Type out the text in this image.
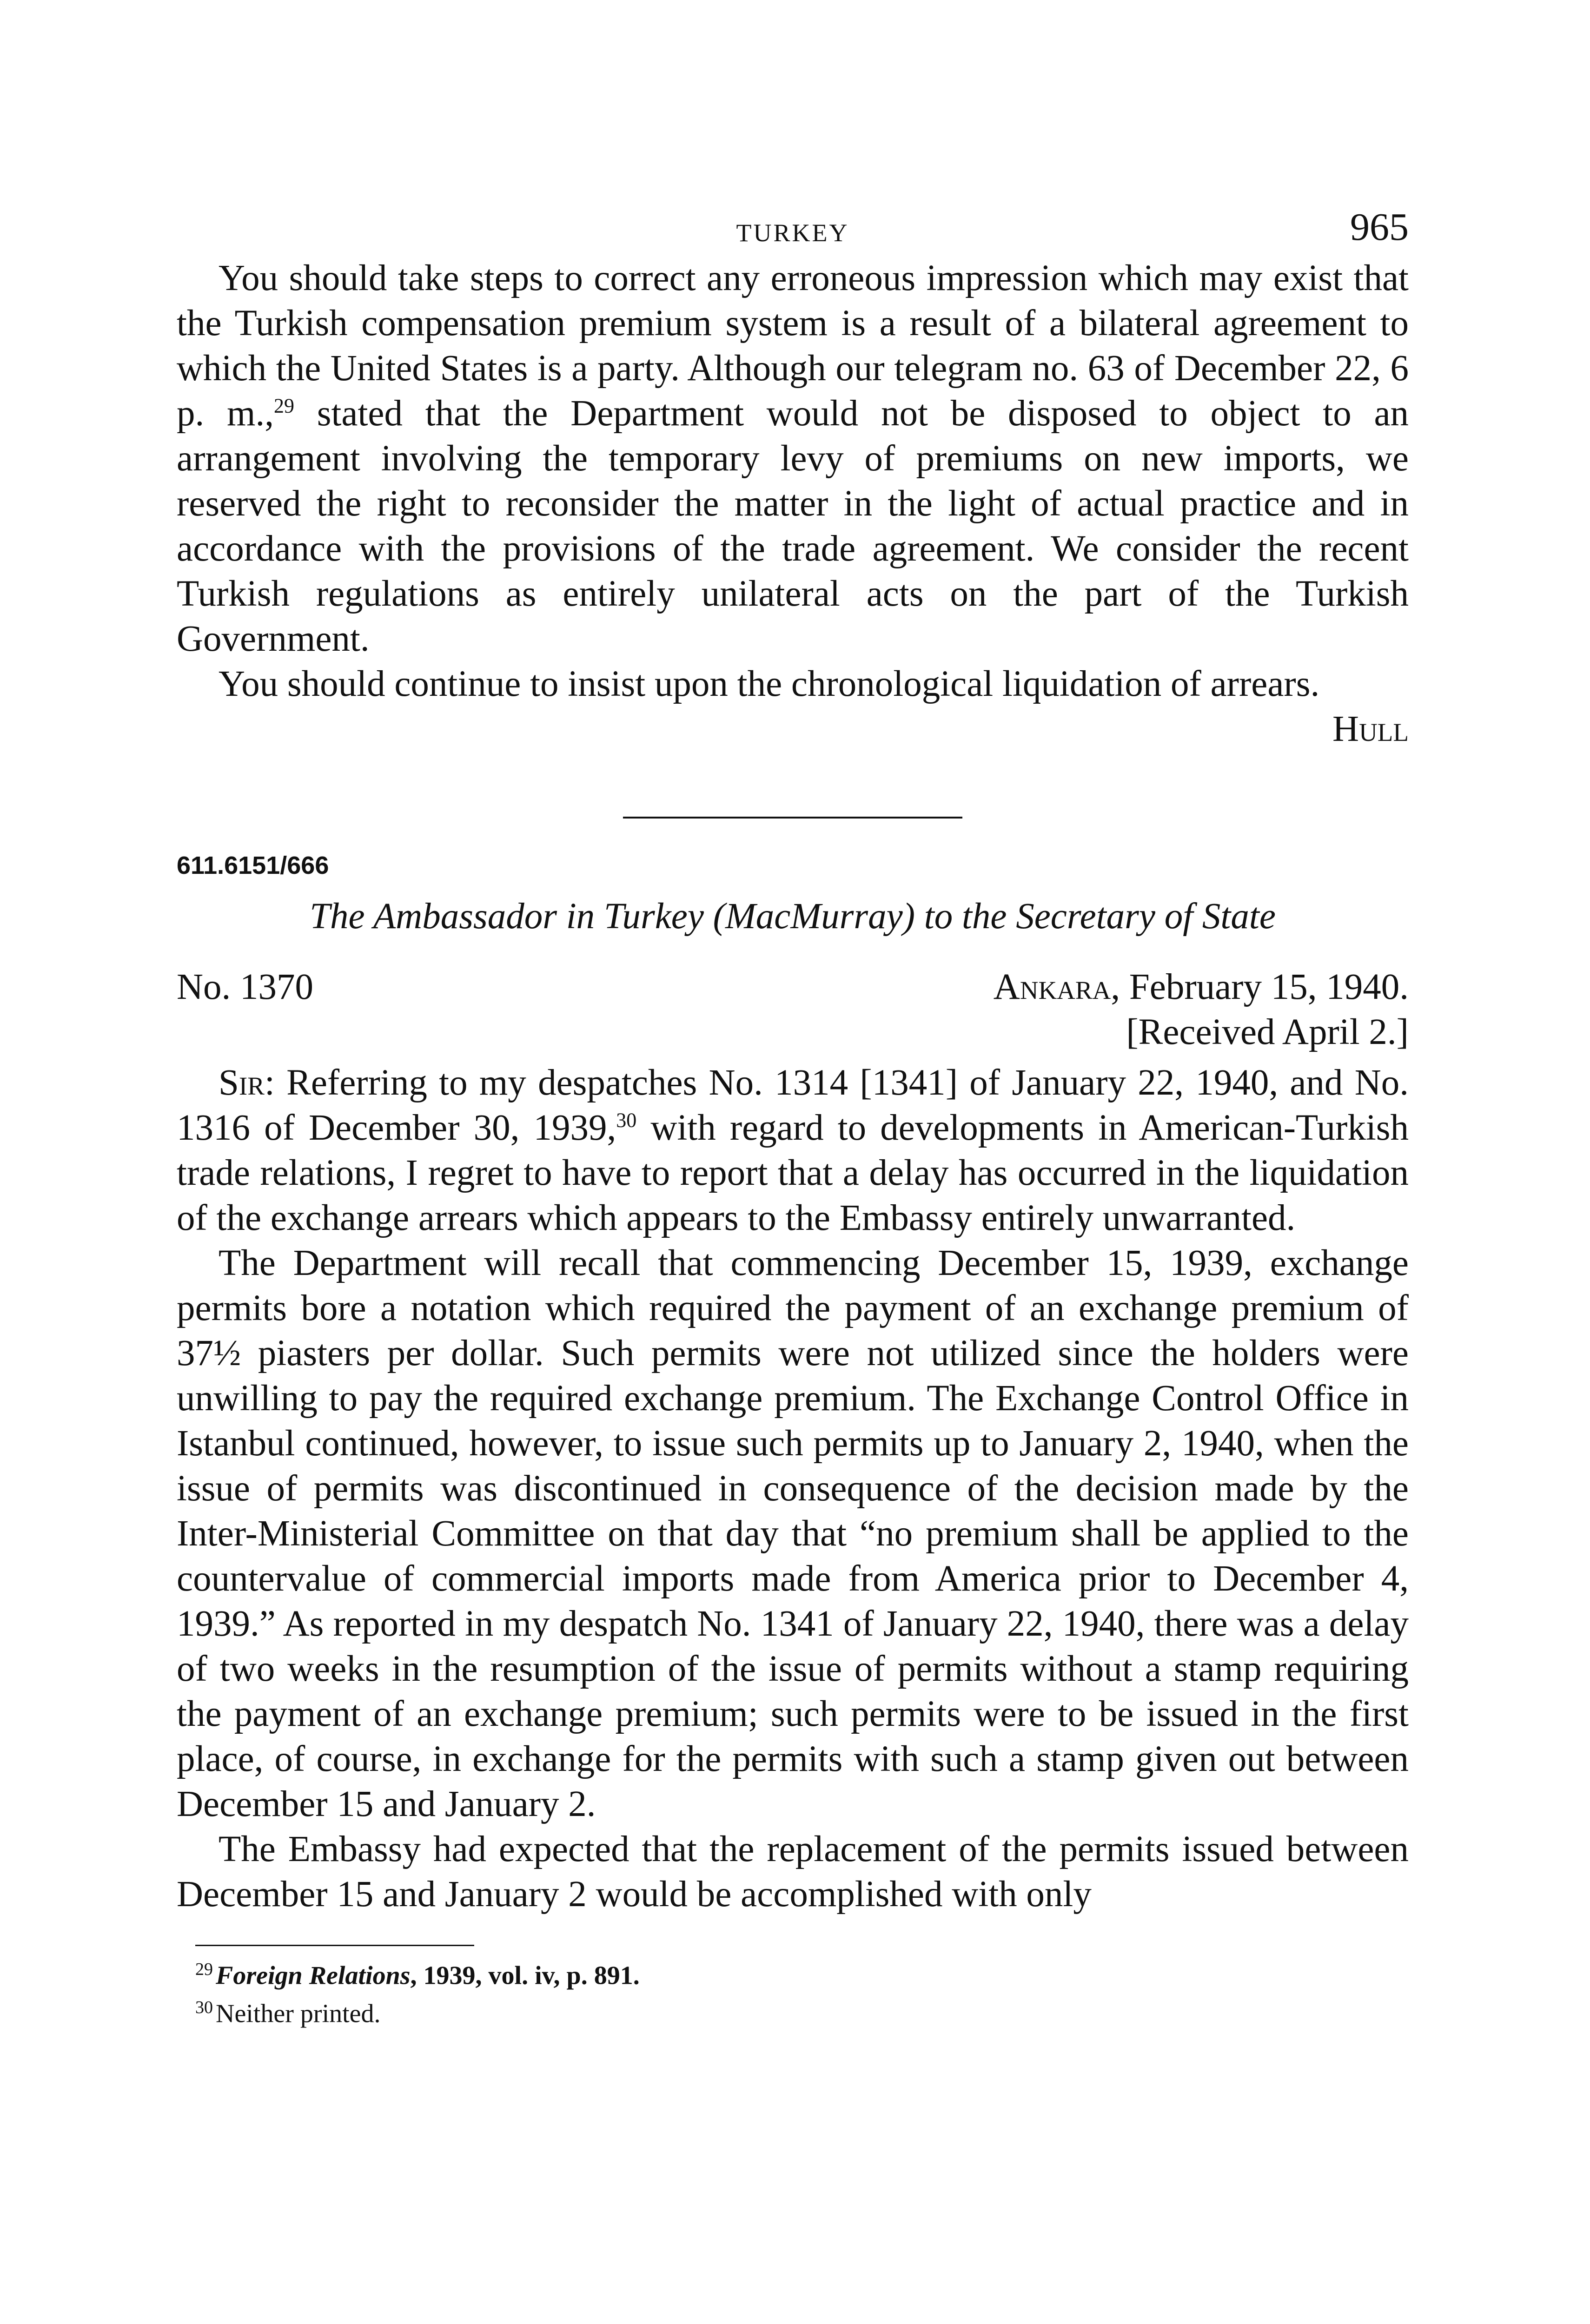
TURKEY	965

You should take steps to correct any erroneous impression which may exist that the Turkish compensation premium system is a result of a bilateral agreement to which the United States is a party. Although our telegram no. 63 of December 22, 6 p. m.,$^{29}$ stated that the Department would not be disposed to object to an arrangement involving the temporary levy of premiums on new imports, we reserved the right to reconsider the matter in the light of actual practice and in accordance with the provisions of the trade agreement. We consider the recent Turkish regulations as entirely unilateral acts on the part of the Turkish Government.

You should continue to insist upon the chronological liquidation of arrears.

Hull
611.6151/666
The Ambassador in Turkey (MacMurray) to the Secretary of State
No. 1370	Ankara, February 15, 1940.
[Received April 2.]

Sir: Referring to my despatches No. 1314 [1341] of January 22, 1940, and No. 1316 of December 30, 1939,30 with regard to developments in American-Turkish trade relations, I regret to have to report that a delay has occurred in the liquidation of the exchange arrears which appears to the Embassy entirely unwarranted.

The Department will recall that commencing December 15, 1939, exchange permits bore a notation which required the payment of an exchange premium of 37½ piasters per dollar. Such permits were not utilized since the holders were unwilling to pay the required exchange premium. The Exchange Control Office in Istanbul continued, however, to issue such permits up to January 2, 1940, when the issue of permits was discontinued in consequence of the decision made by the Inter-Ministerial Committee on that day that “no premium shall be applied to the countervalue of commercial imports made from America prior to December 4, 1939.” As reported in my despatch No. 1341 of January 22, 1940, there was a delay of two weeks in the resumption of the issue of permits without a stamp requiring the payment of an exchange premium; such permits were to be issued in the first place, of course, in exchange for the permits with such a stamp given out between December 15 and January 2.

The Embassy had expected that the replacement of the permits issued between December 15 and January 2 would be accomplished with only

$^{29}$ Foreign Relations, 1939, vol. iv, p. 891.
$^{30}$ Neither printed.
